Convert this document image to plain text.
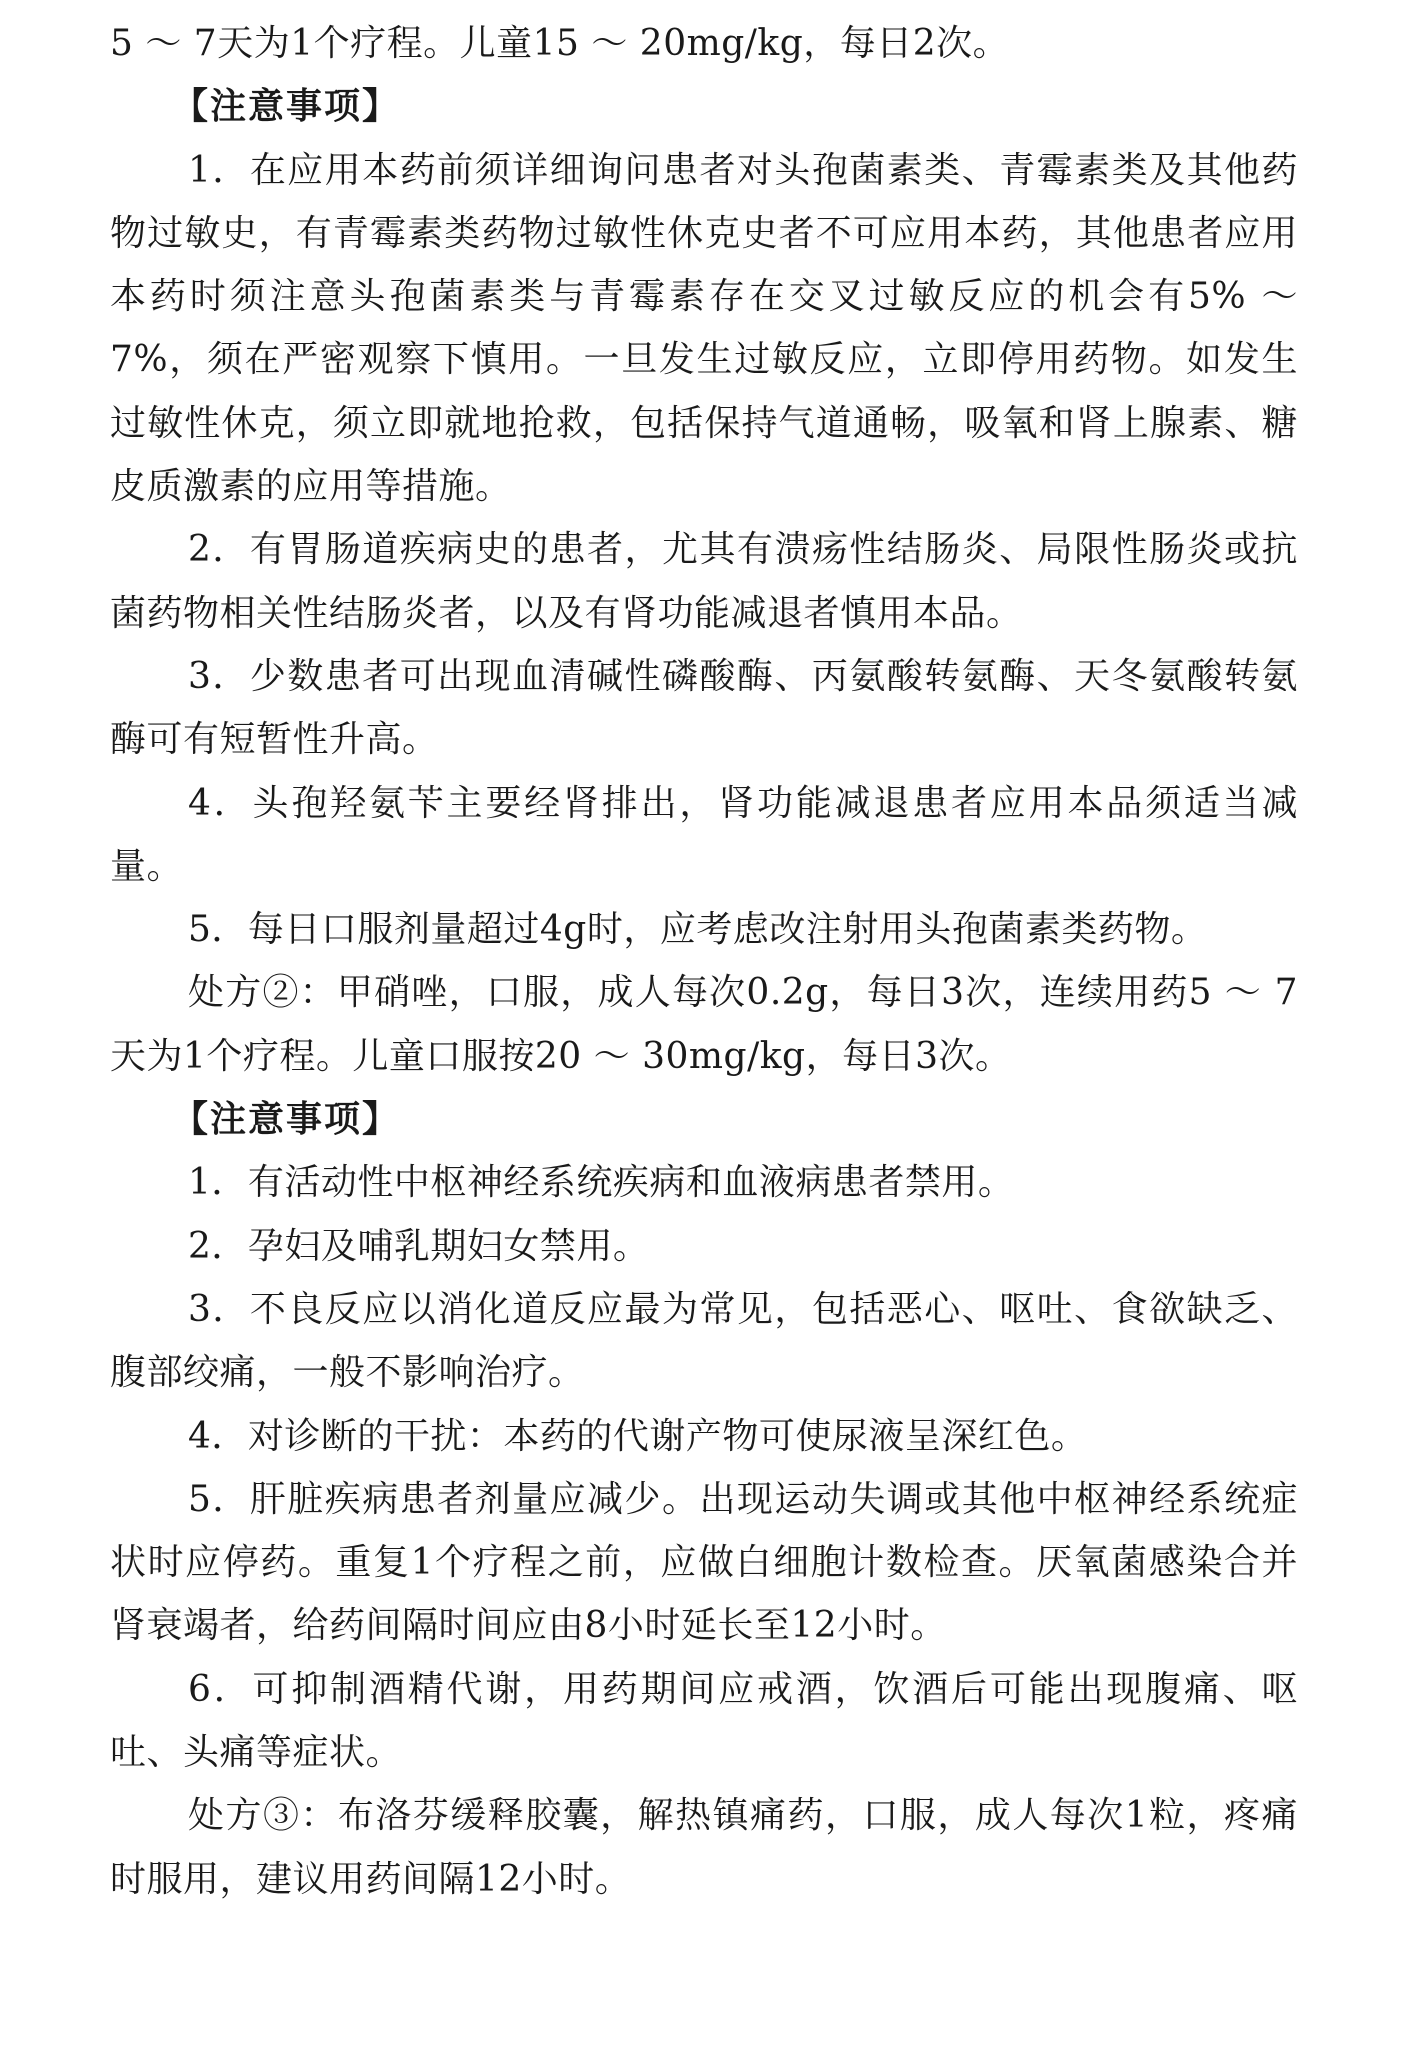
5 ～ 7天为1个疗程。儿童15 ～ 20mg/kg，每日2次。

【注意事项】

1．在应用本药前须详细询问患者对头孢菌素类、青霉素类及其他药物过敏史，有青霉素类药物过敏性休克史者不可应用本药，其他患者应用本药时须注意头孢菌素类与青霉素存在交叉过敏反应的机会有5% ～ 7%，须在严密观察下慎用。一旦发生过敏反应，立即停用药物。如发生过敏性休克，须立即就地抢救，包括保持气道通畅，吸氧和肾上腺素、糖皮质激素的应用等措施。

2．有胃肠道疾病史的患者，尤其有溃疡性结肠炎、局限性肠炎或抗菌药物相关性结肠炎者，以及有肾功能减退者慎用本品。

3．少数患者可出现血清碱性磷酸酶、丙氨酸转氨酶、天冬氨酸转氨酶可有短暂性升高。

4．头孢羟氨苄主要经肾排出，肾功能减退患者应用本品须适当减量。

5．每日口服剂量超过4g时，应考虑改注射用头孢菌素类药物。

处方②：甲硝唑，口服，成人每次0.2g，每日3次，连续用药5 ～ 7天为1个疗程。儿童口服按20 ～ 30mg/kg，每日3次。

【注意事项】

1．有活动性中枢神经系统疾病和血液病患者禁用。

2．孕妇及哺乳期妇女禁用。

3．不良反应以消化道反应最为常见，包括恶心、呕吐、食欲缺乏、腹部绞痛，一般不影响治疗。

4．对诊断的干扰：本药的代谢产物可使尿液呈深红色。

5．肝脏疾病患者剂量应减少。出现运动失调或其他中枢神经系统症状时应停药。重复1个疗程之前，应做白细胞计数检查。厌氧菌感染合并肾衰竭者，给药间隔时间应由8小时延长至12小时。

6．可抑制酒精代谢，用药期间应戒酒，饮酒后可能出现腹痛、呕吐、头痛等症状。

处方③：布洛芬缓释胶囊，解热镇痛药，口服，成人每次1粒，疼痛时服用，建议用药间隔12小时。
